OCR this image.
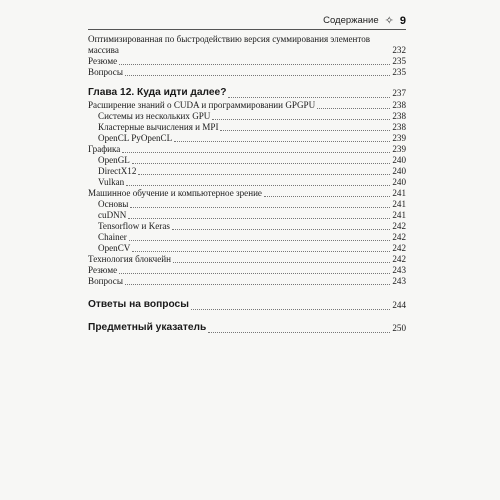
Содержание ✧ 9
Оптимизированная по быстродействию версия суммирования элементов массива	232
Резюме	235
Вопросы	235
Глава 12. Куда идти далее?	237
Расширение знаний о CUDA и программировании GPGPU	238
Системы из нескольких GPU	238
Кластерные вычисления и MPI	238
OpenCL PyOpenCL	239
Графика	239
OpenGL	240
DirectX12	240
Vulkan	240
Машинное обучение и компьютерное зрение	241
Основы	241
cuDNN	241
Tensorflow и Keras	242
Chainer	242
OpenCV	242
Технология блокчейн	242
Резюме	243
Вопросы	243
Ответы на вопросы	244
Предметный указатель	250
